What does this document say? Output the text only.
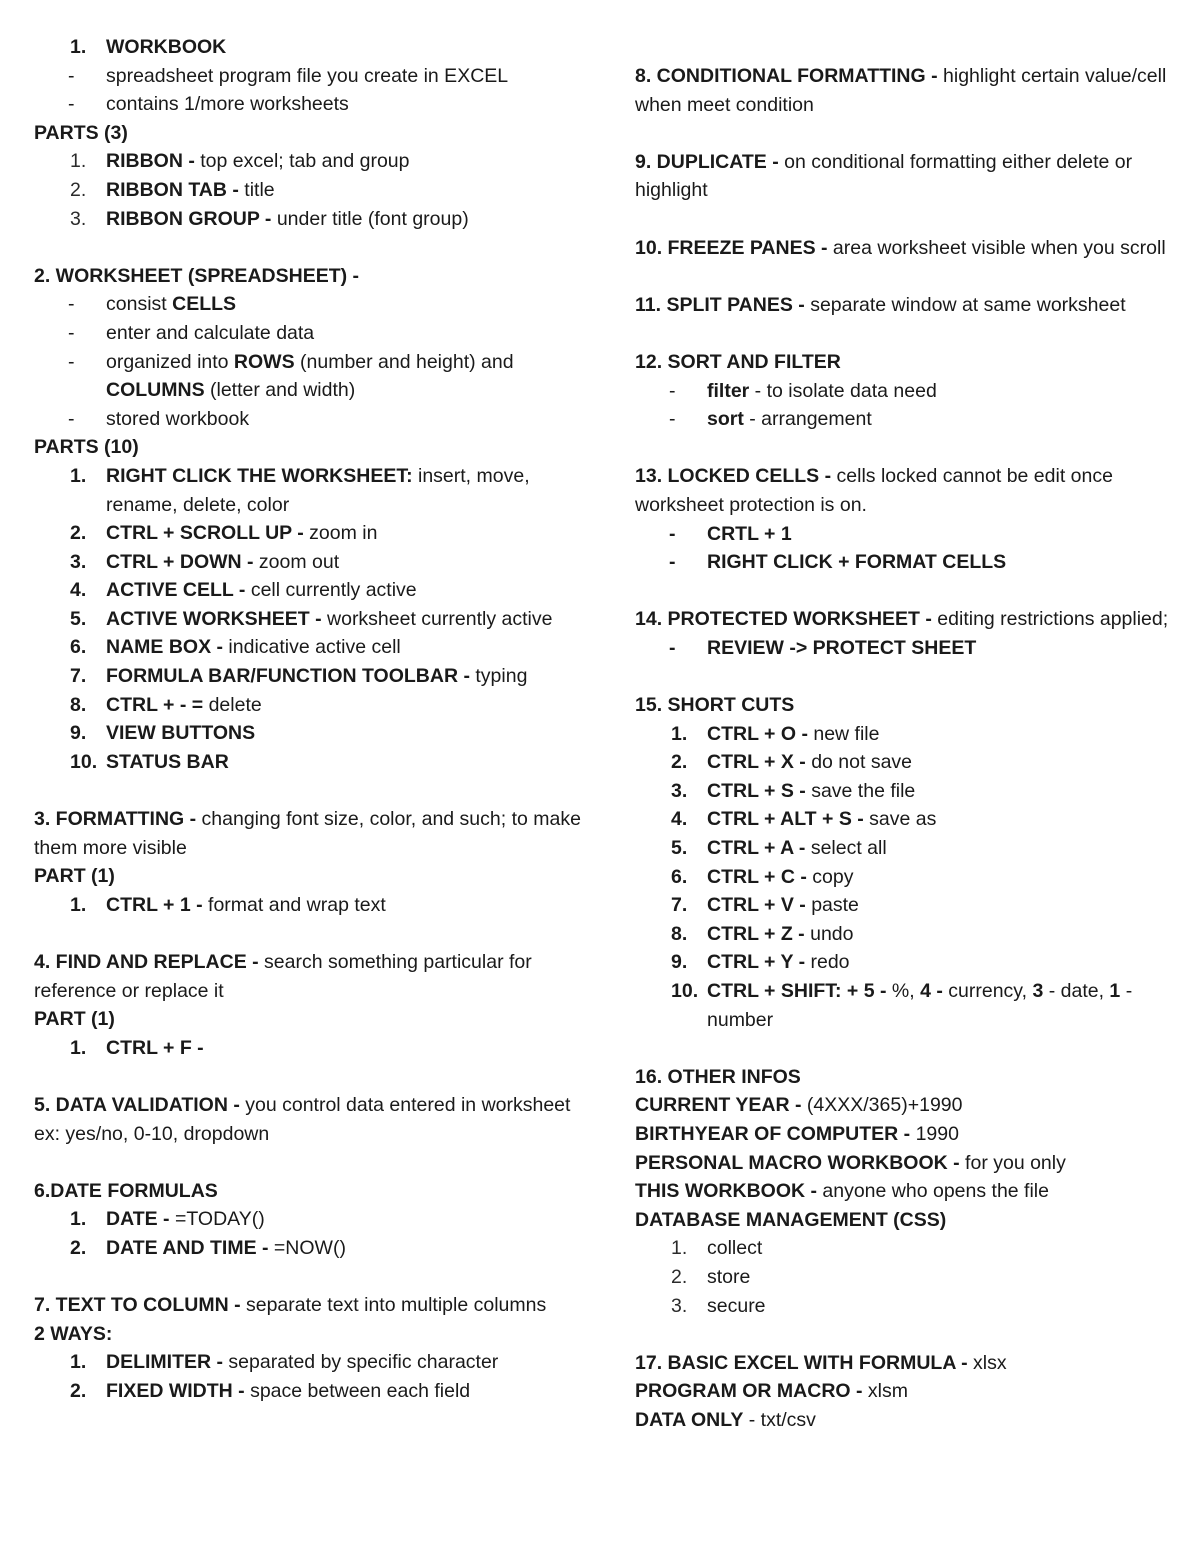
1. WORKBOOK
- spreadsheet program file you create in EXCEL
- contains 1/more worksheets
PARTS (3)
1. RIBBON - top excel; tab and group
2. RIBBON TAB - title
3. RIBBON GROUP - under title (font group)
2. WORKSHEET (SPREADSHEET) -
- consist CELLS
- enter and calculate data
- organized into ROWS (number and height) and COLUMNS (letter and width)
- stored workbook
PARTS (10)
1. RIGHT CLICK THE WORKSHEET: insert, move, rename, delete, color
2. CTRL + SCROLL UP - zoom in
3. CTRL + DOWN - zoom out
4. ACTIVE CELL - cell currently active
5. ACTIVE WORKSHEET - worksheet currently active
6. NAME BOX - indicative active cell
7. FORMULA BAR/FUNCTION TOOLBAR - typing
8. CTRL + - = delete
9. VIEW BUTTONS
10. STATUS BAR
3. FORMATTING - changing font size, color, and such; to make them more visible
PART (1)
1. CTRL + 1 - format and wrap text
4. FIND AND REPLACE - search something particular for reference or replace it
PART (1)
1. CTRL + F -
5. DATA VALIDATION - you control data entered in worksheet
ex: yes/no, 0-10, dropdown
6.DATE FORMULAS
1. DATE - =TODAY()
2. DATE AND TIME - =NOW()
7. TEXT TO COLUMN - separate text into multiple columns
2 WAYS:
1. DELIMITER - separated by specific character
2. FIXED WIDTH - space between each field
8. CONDITIONAL FORMATTING - highlight certain value/cell when meet condition
9. DUPLICATE - on conditional formatting either delete or highlight
10. FREEZE PANES - area worksheet visible when you scroll
11. SPLIT PANES - separate window at same worksheet
12. SORT AND FILTER
- filter - to isolate data need
- sort - arrangement
13. LOCKED CELLS - cells locked cannot be edit once worksheet protection is on.
- CRTL + 1
- RIGHT CLICK + FORMAT CELLS
14. PROTECTED WORKSHEET - editing restrictions applied;
- REVIEW -> PROTECT SHEET
15. SHORT CUTS
1. CTRL + O - new file
2. CTRL + X - do not save
3. CTRL + S - save the file
4. CTRL + ALT + S - save as
5. CTRL + A - select all
6. CTRL + C - copy
7. CTRL + V - paste
8. CTRL + Z - undo
9. CTRL + Y - redo
10. CTRL + SHIFT: + 5 - %, 4 - currency, 3 - date, 1 - number
16. OTHER INFOS
CURRENT YEAR - (4XXX/365)+1990
BIRTHYEAR OF COMPUTER - 1990
PERSONAL MACRO WORKBOOK - for you only
THIS WORKBOOK - anyone who opens the file
DATABASE MANAGEMENT (CSS)
1. collect
2. store
3. secure
17. BASIC EXCEL WITH FORMULA - xlsx
PROGRAM OR MACRO - xlsm
DATA ONLY - txt/csv
